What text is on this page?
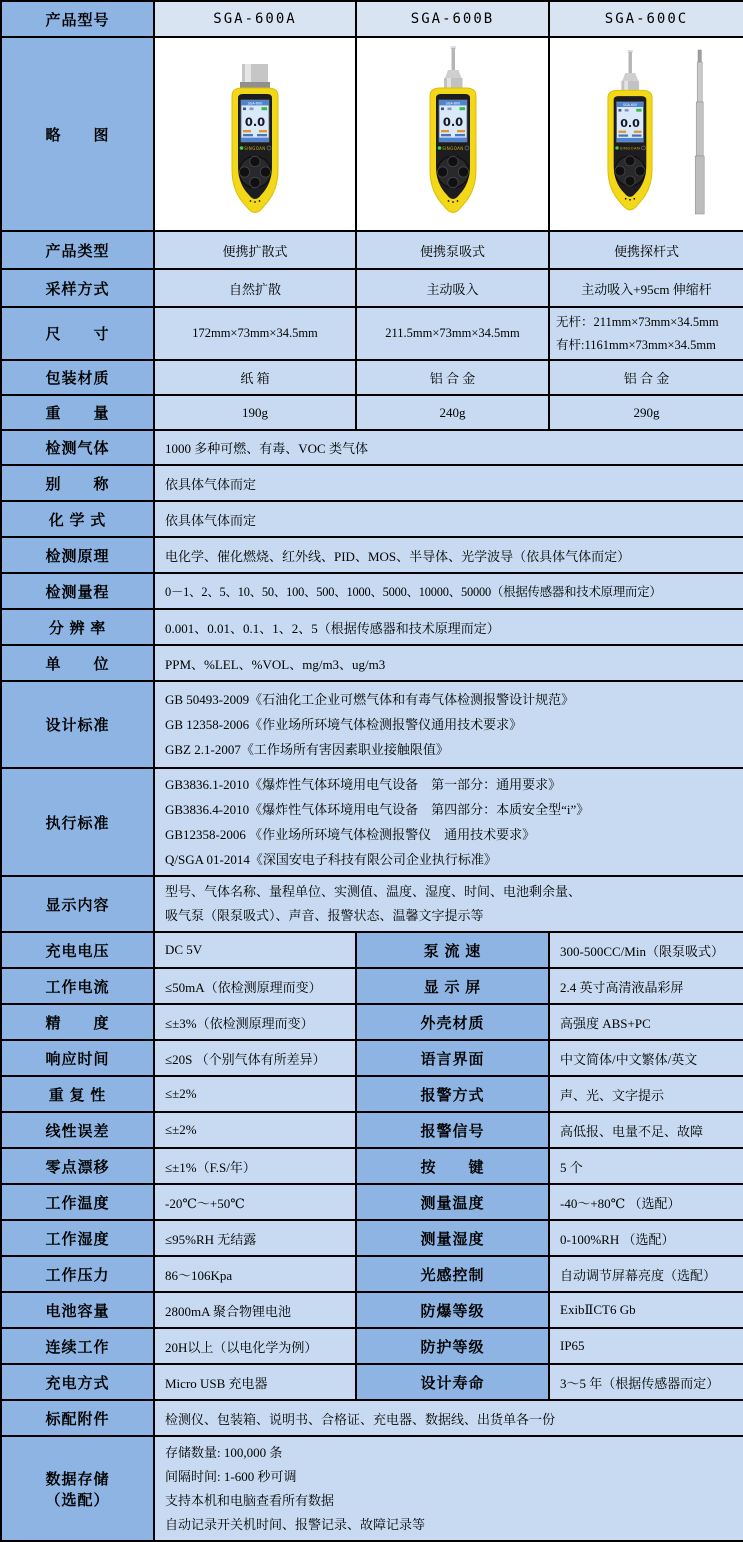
产品型号	SGA-600A	SGA-600B	SGA-600C
略　　图			
产品类型	便携扩散式	便携泵吸式	便携探杆式
采样方式	自然扩散	主动吸入	主动吸入+95cm 伸缩杆
尺　　寸	172mm×73mm×34.5mm	211.5mm×73mm×34.5mm	无杆：211mm×73mm×34.5mm
有杆:1161mm×73mm×34.5mm

包装材质	纸 箱	铝 合 金	铝 合 金
重　　量	190g	240g	290g
检测气体	1000 多种可燃、有毒、VOC 类气体		
别　　称	依具体气体而定		
化 学 式	依具体气体而定		
检测原理	电化学、催化燃烧、红外线、PID、MOS、半导体、光学波导（依具体气体而定）		
检测量程	0－1、2、5、10、50、100、500、1000、5000、10000、50000（根据传感器和技术原理而定）		
分 辨 率	0.001、0.01、0.1、1、2、5（根据传感器和技术原理而定）		
单　　位	PPM、%LEL、%VOL、mg/m3、ug/m3		
设计标准	GB 50493-2009《石油化工企业可燃气体和有毒气体检测报警设计规范》
GB 12358-2006《作业场所环境气体检测报警仪通用技术要求》
GBZ 2.1-2007《工作场所有害因素职业接触限值》		

执行标准	GB3836.1-2010《爆炸性气体环境用电气设备　第一部分：通用要求》
GB3836.4-2010《爆炸性气体环境用电气设备　第四部分：本质安全型“i”》
GB12358-2006 《作业场所环境气体检测报警仪　通用技术要求》
Q/SGA 01-2014《深国安电子科技有限公司企业执行标准》		

显示内容	型号、气体名称、量程单位、实测值、温度、湿度、时间、电池剩余量、
吸气泵（限泵吸式）、声音、报警状态、温馨文字提示等		

充电电压	DC 5V	泵 流 速	300-500CC/Min（限泵吸式）
工作电流	≤50mA（依检测原理而变）	显 示 屏	2.4 英寸高清液晶彩屏
精　　度	≤±3%（依检测原理而变）	外壳材质	高强度 ABS+PC
响应时间	≤20S （个别气体有所差异）	语言界面	中文简体/中文繁体/英文
重 复 性	≤±2%	报警方式	声、光、文字提示
线性误差	≤±2%	报警信号	高低报、电量不足、故障
零点漂移	≤±1%（F.S/年）	按　　键	5 个
工作温度	-20℃～+50℃	测量温度	-40～+80℃ （选配）
工作湿度	≤95%RH 无结露	测量湿度	0-100%RH （选配）
工作压力	86～106Kpa	光感控制	自动调节屏幕亮度（选配）
电池容量	2800mA 聚合物锂电池	防爆等级	ExibⅡCT6 Gb
连续工作	20H以上（以电化学为例）	防护等级	IP65
充电方式	Micro USB 充电器	设计寿命	3～5 年（根据传感器而定）
标配附件	检测仪、包装箱、说明书、合格证、充电器、数据线、出货单各一份		

数据存储
（选配）

存储数量: 100,000 条
间隔时间: 1-600 秒可调
支持本机和电脑查看所有数据
自动记录开关机时间、报警记录、故障记录等
